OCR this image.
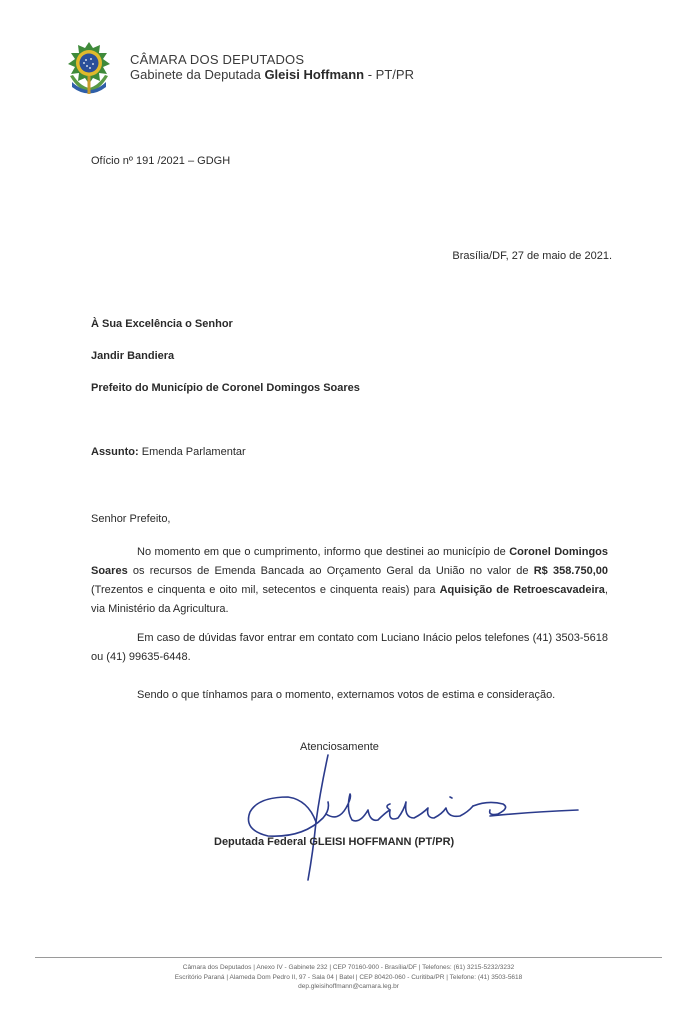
CÂMARA DOS DEPUTADOS
Gabinete da Deputada Gleisi Hoffmann - PT/PR
Ofício nº 191 /2021 – GDGH
Brasília/DF, 27 de maio de 2021.
À Sua Excelência o Senhor
Jandir Bandiera
Prefeito do Município de Coronel Domingos Soares
Assunto: Emenda Parlamentar
Senhor Prefeito,
No momento em que o cumprimento, informo que destinei ao município de Coronel Domingos Soares os recursos de Emenda Bancada ao Orçamento Geral da União no valor de R$ 358.750,00 (Trezentos e cinquenta e oito mil, setecentos e cinquenta reais) para Aquisição de Retroescavadeira, via Ministério da Agricultura.
Em caso de dúvidas favor entrar em contato com Luciano Inácio pelos telefones (41) 3503-5618 ou (41) 99635-6448.
Sendo o que tínhamos para o momento, externamos votos de estima e consideração.
Atenciosamente
Deputada Federal GLEISI HOFFMANN (PT/PR)
Câmara dos Deputados | Anexo IV - Gabinete 232 | CEP 70160-900 - Brasília/DF | Telefones: (61) 3215-5232/3232
Escritório Paraná | Alameda Dom Pedro II, 97 - Sala 04 | Batel | CEP 80420-060 - Curitiba/PR | Telefone: (41) 3503-5618
dep.gleisihoffmann@camara.leg.br
